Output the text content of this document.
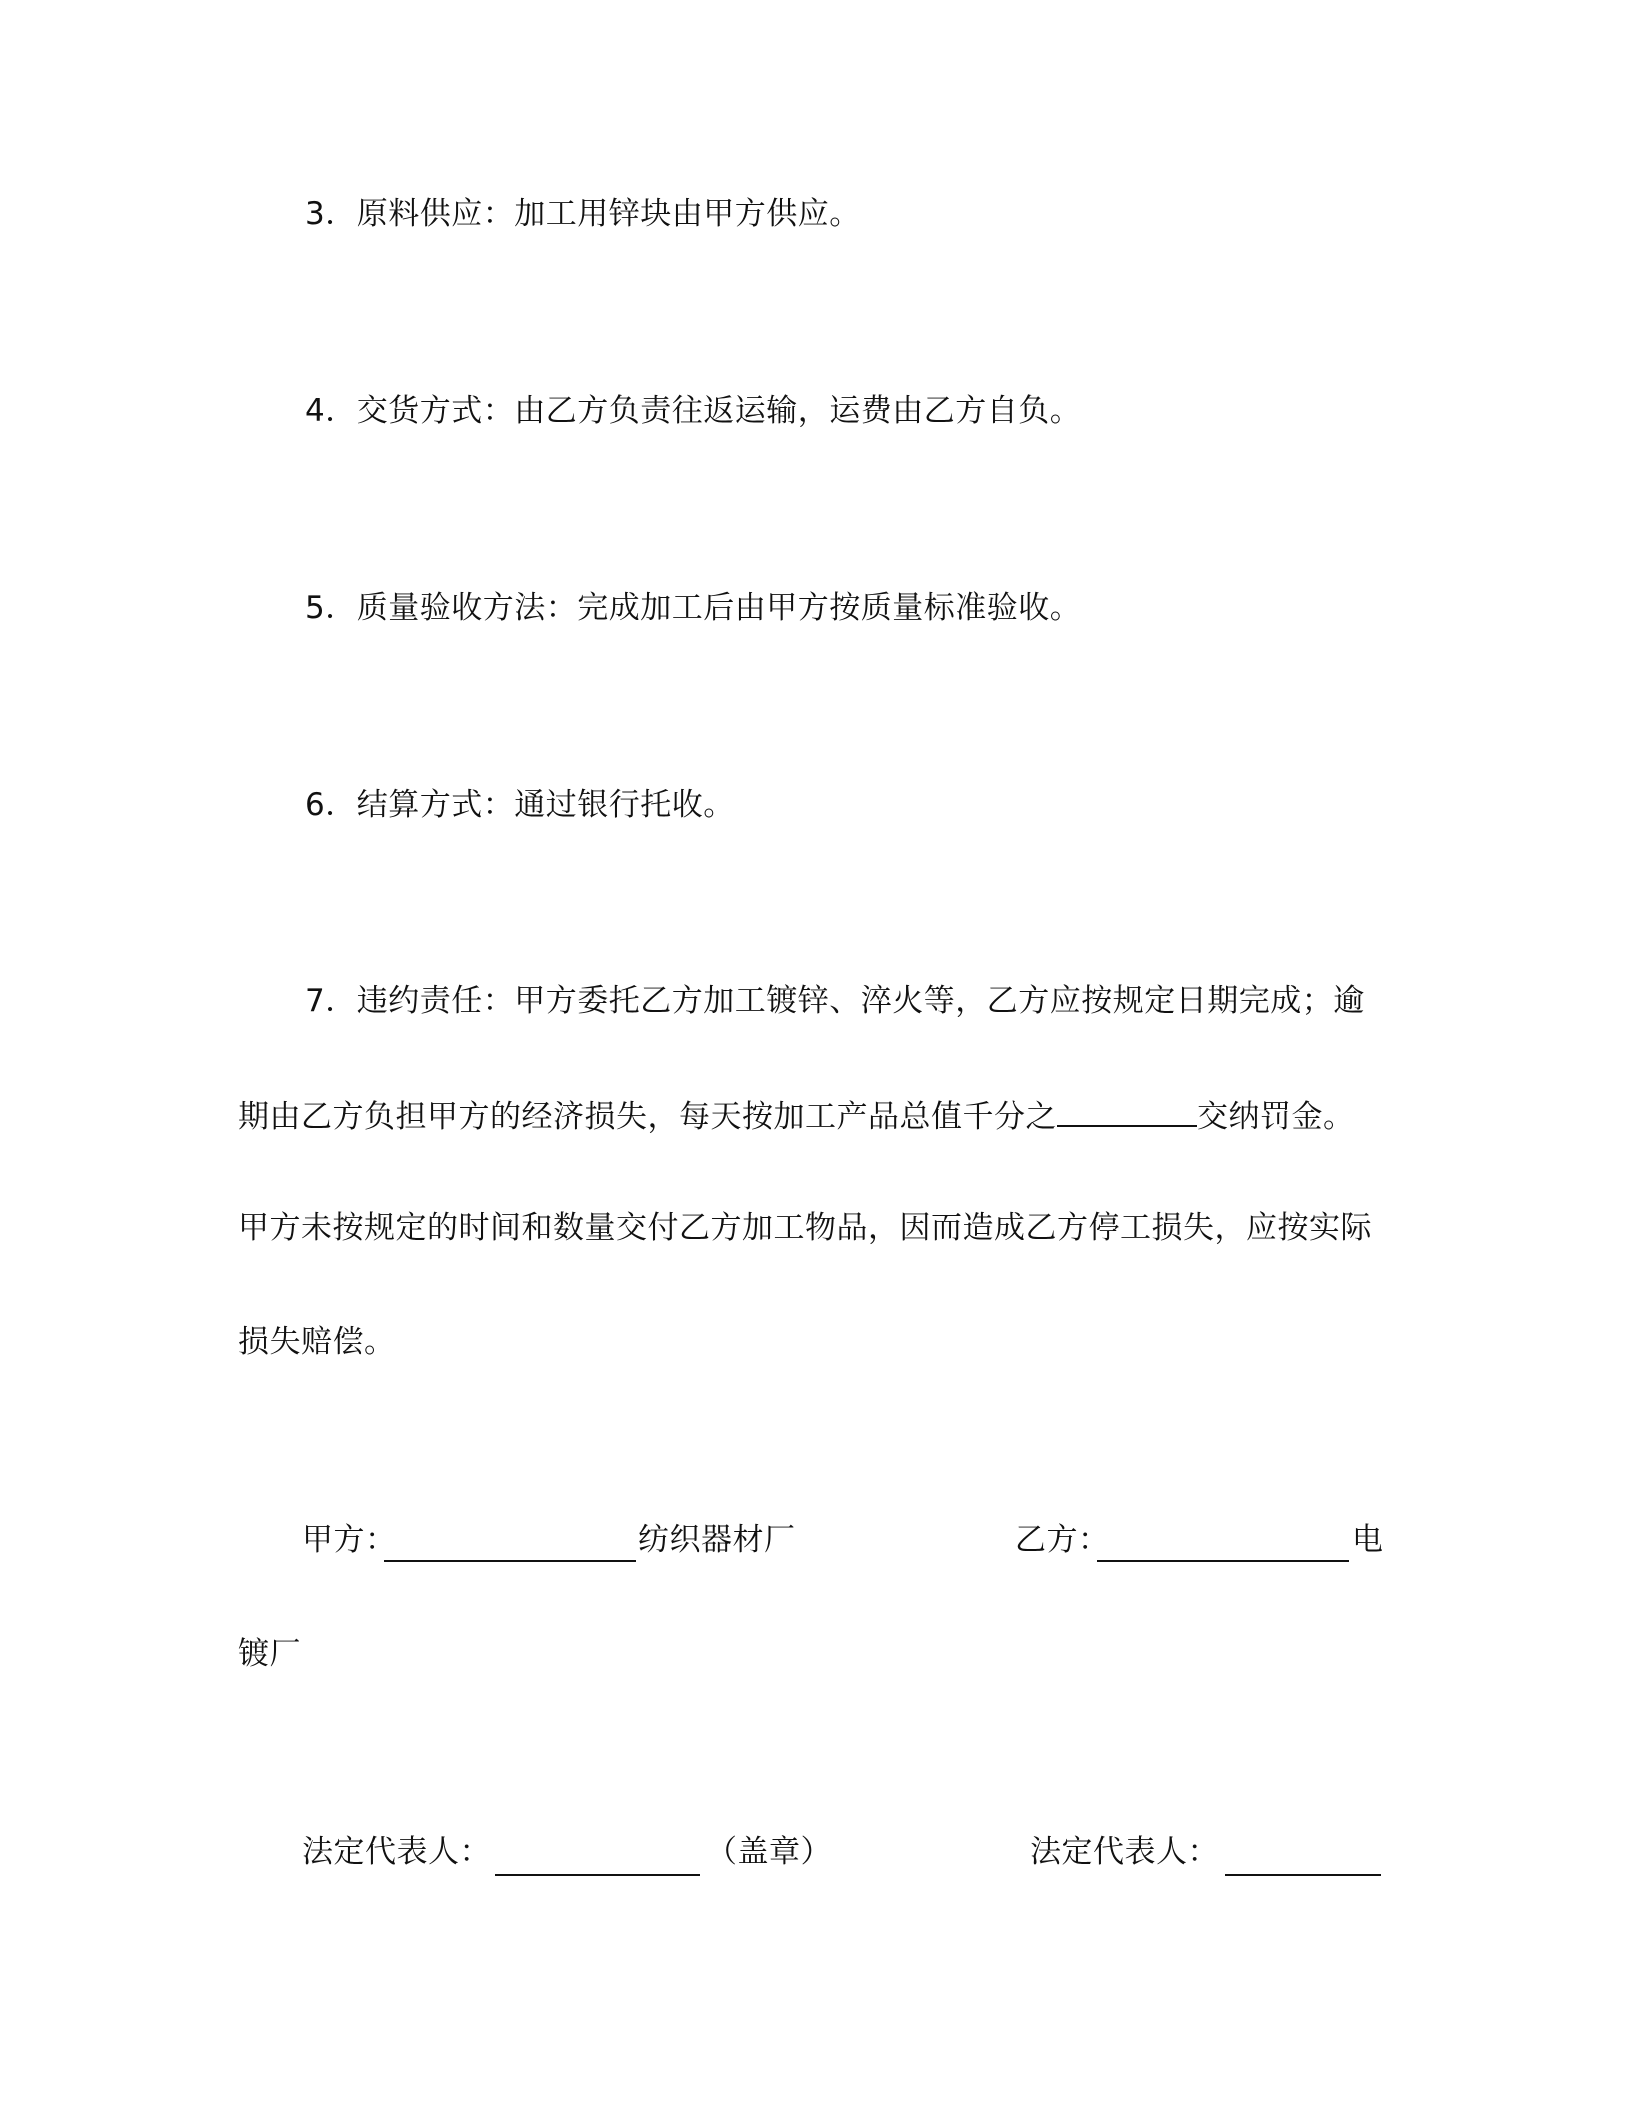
3．原料供应：加工用锌块由甲方供应。
4．交货方式：由乙方负责往返运输，运费由乙方自负。
5．质量验收方法：完成加工后由甲方按质量标准验收。
6．结算方式：通过银行托收。
7．违约责任：甲方委托乙方加工镀锌、淬火等，乙方应按规定日期完成；逾
期由乙方负担甲方的经济损失，每天按加工产品总值千分之	交纳罚金。
甲方未按规定的时间和数量交付乙方加工物品，因而造成乙方停工损失，应按实际
损失赔偿。
甲方：	纺织器材厂	乙方：	电
镀厂
法定代表人：	（盖章）	法定代表人：
